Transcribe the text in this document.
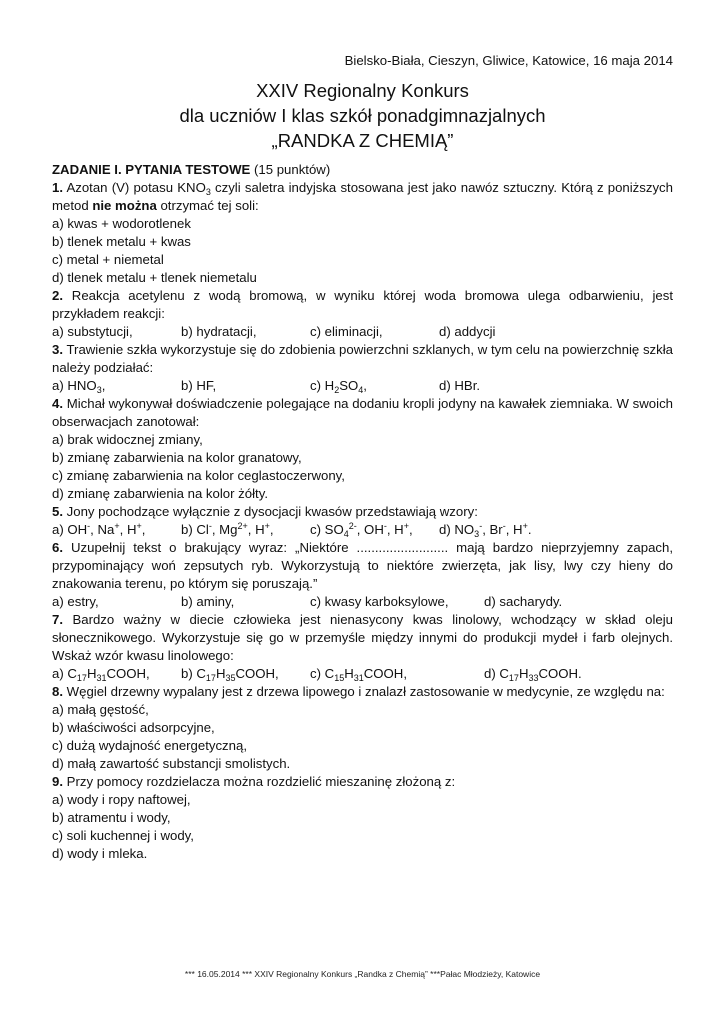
Bielsko-Biała, Cieszyn, Gliwice, Katowice, 16 maja 2014
XXIV Regionalny Konkurs
dla uczniów I klas szkół ponadgimnazjalnych
„RANDKA Z CHEMIĄ”
ZADANIE I. PYTANIA TESTOWE (15 punktów)
1. Azotan (V) potasu $KNO_3$ czyli saletra indyjska stosowana jest jako nawóz sztuczny. Którą z poniższych metod nie można otrzymać tej soli:
a) kwas + wodorotlenek
b) tlenek metalu + kwas
c) metal + niemetal
d) tlenek metalu + tlenek niemetalu
2. Reakcja acetylenu z wodą bromową, w wyniku której woda bromowa ulega odbarwieniu, jest przykładem reakcji:
a) substytucji,	b) hydratacji,	c) eliminacji,	d) addycji
3. Trawienie szkła wykorzystuje się do zdobienia powierzchni szklanych, w tym celu na powierzchnię szkła należy podziałać:
a) $HNO_3$,	b) HF,	c) $H_2SO_4$,	d) HBr.
4. Michał wykonywał doświadczenie polegające na dodaniu kropli jodyny na kawałek ziemniaka. W swoich obserwacjach zanotował:
a) brak widocznej zmiany,
b) zmianę zabarwienia na kolor granatowy,
c) zmianę zabarwienia na kolor ceglastoczerwony,
d) zmianę zabarwienia na kolor żółty.
5. Jony pochodzące wyłącznie z dysocjacji kwasów przedstawiają wzory:
a) OH-, Na+, H+,	b) Cl-, $Mg^{2+}$, H+,	c) $SO_4^{2-}$, OH-, H+,	d) $NO_3^-$, Br-, H+.
6. Uzupełnij tekst o brakujący wyraz: „Niektóre ......................... mają bardzo nieprzyjemny zapach, przypominający woń zepsutych ryb. Wykorzystują to niektóre zwierzęta, jak lisy, lwy czy hieny do znakowania terenu, po którym się poruszają.”
a) estry,	b) aminy,	c) kwasy karboksylowe,	d) sacharydy.
7. Bardzo ważny w diecie człowieka jest nienasycony kwas linolowy, wchodzący w skład oleju słonecznikowego. Wykorzystuje się go w przemyśle między innymi do produkcji mydeł i farb olejnych. Wskaż wzór kwasu linolowego:
a) $C_{17}H_{31}COOH$,	b) $C_{17}H_{35}COOH$,	c) $C_{15}H_{31}COOH$,	d) $C_{17}H_{33}COOH$.
8. Węgiel drzewny wypalany jest z drzewa lipowego i znalazł zastosowanie w medycynie, ze względu na:
a) małą gęstość,
b) właściwości adsorpcyjne,
c) dużą wydajność energetyczną,
d) małą zawartość substancji smolistych.
9. Przy pomocy rozdzielacza można rozdzielić mieszaninę złożoną z:
a) wody i ropy naftowej,
b) atramentu i wody,
c) soli kuchennej i wody,
d) wody i mleka.
*** 16.05.2014 *** XXIV Regionalny Konkurs „Randka z Chemią” ***Pałac Młodzieży, Katowice
